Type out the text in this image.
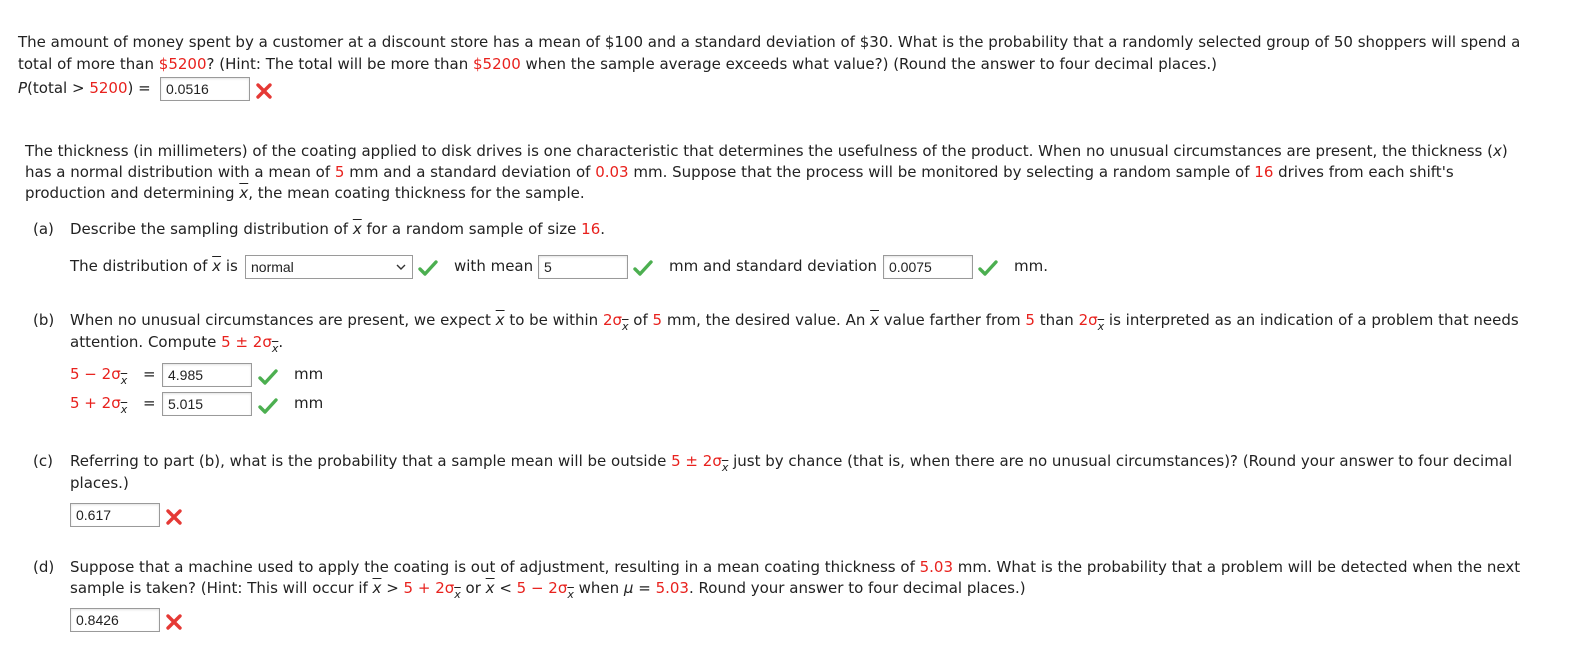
The amount of money spent by a customer at a discount store has a mean of $100 and a standard deviation of $30. What is the probability that a randomly selected group of 50 shoppers will spend a
total of more than $5200? (Hint: The total will be more than $5200 when the sample average exceeds what value?) (Round the answer to four decimal places.)
P(total > 5200) =	0.0516
The thickness (in millimeters) of the coating applied to disk drives is one characteristic that determines the usefulness of the product. When no unusual circumstances are present, the thickness (x)
has a normal distribution with a mean of 5 mm and a standard deviation of 0.03 mm. Suppose that the process will be monitored by selecting a random sample of 16 drives from each shift's
production and determining $\overline{x}$, the mean coating thickness for the sample.
(a) Describe the sampling distribution of $\overline{x}$ for a random sample of size 16.
The distribution of $\overline{x}$ is normal	with mean 5	mm and standard deviation 0.0075	mm.
(b) When no unusual circumstances are present, we expect $\overline{x}$ to be within $2\sigma_{\overline{x}}$ of 5 mm, the desired value. An $\overline{x}$ value farther from 5 than $2\sigma_{\overline{x}}$ is interpreted as an indication of a problem that needs
attention. Compute $5 \pm 2\sigma_{\overline{x}}$.
$5 - 2\sigma_{\overline{x}} = 4.985$	mm
$5 + 2\sigma_{\overline{x}} = 5.015$	mm
(c) Referring to part (b), what is the probability that a sample mean will be outside $5 \pm 2\sigma_{\overline{x}}$ just by chance (that is, when there are no unusual circumstances)? (Round your answer to four decimal
places.)
0.617
(d) Suppose that a machine used to apply the coating is out of adjustment, resulting in a mean coating thickness of 5.03 mm. What is the probability that a problem will be detected when the next
sample is taken? (Hint: This will occur if $\overline{x} > 5 + 2\sigma_{\overline{x}}$ or $\overline{x} < 5 - 2\sigma_{\overline{x}}$ when μ = 5.03. Round your answer to four decimal places.)
0.8426
